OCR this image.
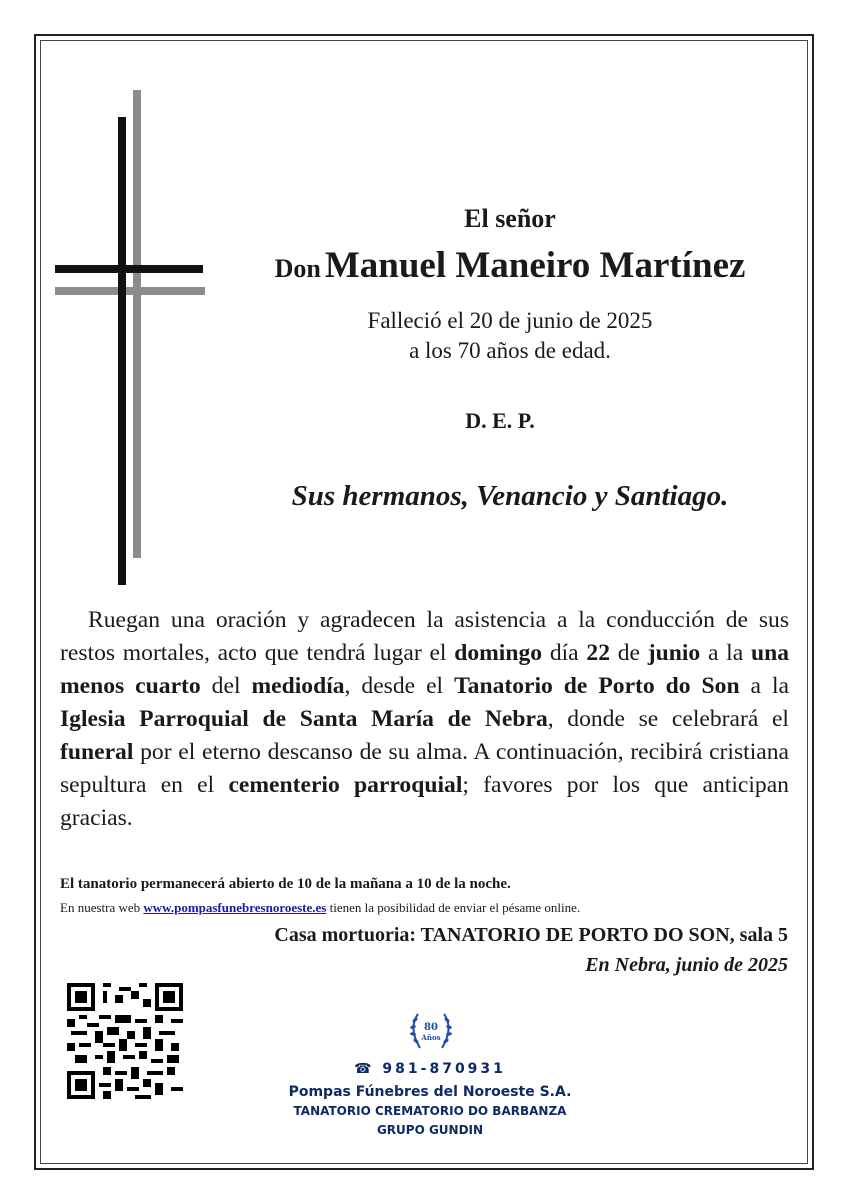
El señor
Don Manuel Maneiro Martínez
Falleció el 20 de junio de 2025
a los 70 años de edad.
D. E. P.
Sus hermanos, Venancio y Santiago.
Ruegan una oración y agradecen la asistencia a la conducción de sus restos mortales, acto que tendrá lugar el domingo día 22 de junio a la una menos cuarto del mediodía, desde el Tanatorio de Porto do Son a la Iglesia Parroquial de Santa María de Nebra, donde se celebrará el funeral por el eterno descanso de su alma. A continuación, recibirá cristiana sepultura en el cementerio parroquial; favores por los que anticipan gracias.
El tanatorio permanecerá abierto de 10 de la mañana a 10 de la noche.
En nuestra web www.pompasfunebresnoroeste.es tienen la posibilidad de enviar el pésame online.
Casa mortuoria: TANATORIO DE PORTO DO SON, sala 5
En Nebra, junio de 2025
80
Años
☎ 981-870931
Pompas Fúnebres del Noroeste S.A.
TANATORIO CREMATORIO DO BARBANZA
GRUPO GUNDIN
